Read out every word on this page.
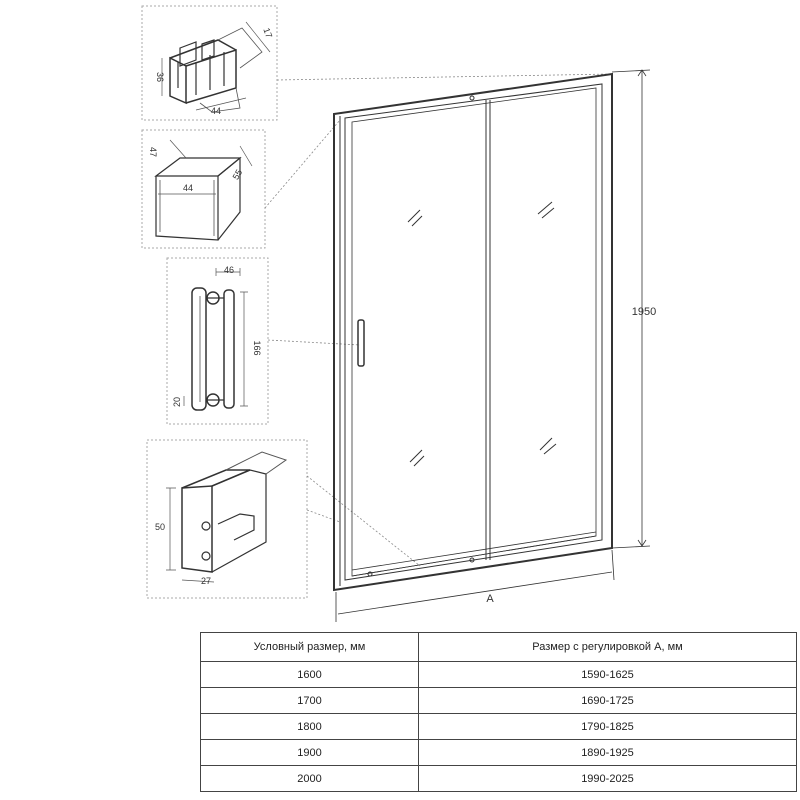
36
44
17
47
44
55
46
166
20
50
27
1950
A
Условный размер, мм	Размер с регулировкой А, мм
1600	1590-1625
1700	1690-1725
1800	1790-1825
1900	1890-1925
2000	1990-2025
